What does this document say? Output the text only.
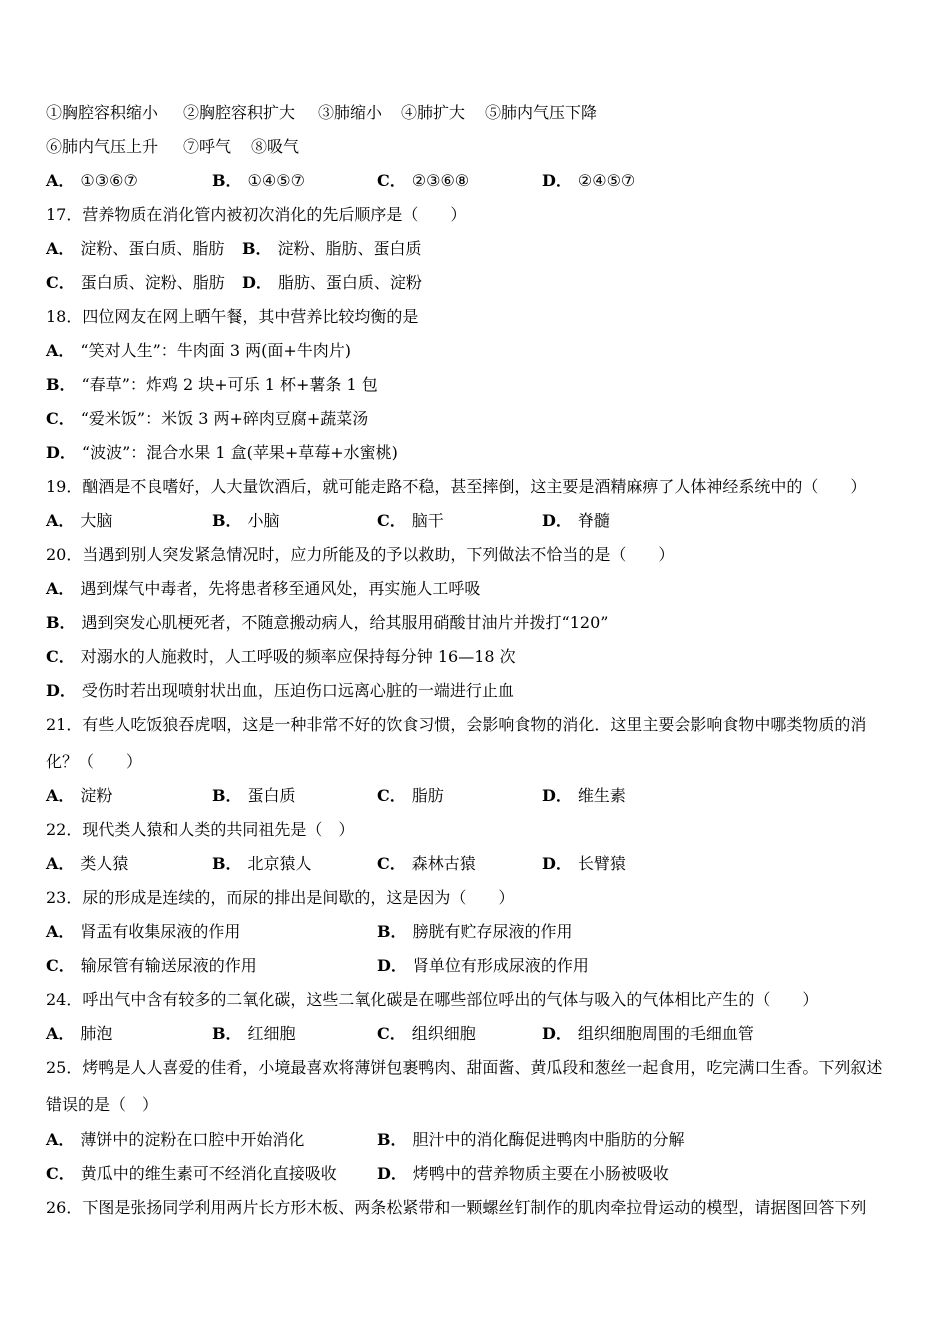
①胸腔容积缩小 ②胸腔容积扩大 ③肺缩小 ④肺扩大 ⑤肺内气压下降
⑥肺内气压上升 ⑦呼气 ⑧吸气
A． ①③⑥⑦	B． ①④⑤⑦	C． ②③⑥⑧	D． ②④⑤⑦
17．营养物质在消化管内被初次消化的先后顺序是（　　）
A． 淀粉、蛋白质、脂肪 B． 淀粉、脂肪、蛋白质
C． 蛋白质、淀粉、脂肪 D． 脂肪、蛋白质、淀粉
18．四位网友在网上晒午餐，其中营养比较均衡的是
A． “笑对人生”：牛肉面 3 两(面+牛肉片)
B． “春草”：炸鸡 2 块+可乐 1 杯+薯条 1 包
C． “爱米饭”：米饭 3 两+碎肉豆腐+蔬菜汤
D． “波波”：混合水果 1 盒(苹果+草莓+水蜜桃)
19．酗酒是不良嗜好，人大量饮酒后，就可能走路不稳，甚至摔倒，这主要是酒精麻痹了人体神经系统中的（　　）
A． 大脑	B． 小脑	C． 脑干	D． 脊髓
20．当遇到别人突发紧急情况时，应力所能及的予以救助，下列做法不恰当的是（　　）
A． 遇到煤气中毒者，先将患者移至通风处，再实施人工呼吸
B． 遇到突发心肌梗死者，不随意搬动病人，给其服用硝酸甘油片并拨打“120”
C． 对溺水的人施救时，人工呼吸的频率应保持每分钟 16—18 次
D． 受伤时若出现喷射状出血，压迫伤口远离心脏的一端进行止血
21．有些人吃饭狼吞虎咽，这是一种非常不好的饮食习惯，会影响食物的消化．这里主要会影响食物中哪类物质的消
化？（　　）
A． 淀粉	B． 蛋白质	C． 脂肪	D． 维生素
22．现代类人猿和人类的共同祖先是（　）
A． 类人猿	B． 北京猿人	C． 森林古猿	D． 长臂猿
23．尿的形成是连续的，而尿的排出是间歇的，这是因为（　　）
A． 肾盂有收集尿液的作用	B． 膀胱有贮存尿液的作用
C． 输尿管有输送尿液的作用	D． 肾单位有形成尿液的作用
24．呼出气中含有较多的二氧化碳，这些二氧化碳是在哪些部位呼出的气体与吸入的气体相比产生的（　　）
A． 肺泡	B． 红细胞	C． 组织细胞	D． 组织细胞周围的毛细血管
25．烤鸭是人人喜爱的佳肴，小境最喜欢将薄饼包裹鸭肉、甜面酱、黄瓜段和葱丝一起食用，吃完满口生香。下列叙述
错误的是（　）
A． 薄饼中的淀粉在口腔中开始消化	B． 胆汁中的消化酶促进鸭肉中脂肪的分解
C． 黄瓜中的维生素可不经消化直接吸收	D． 烤鸭中的营养物质主要在小肠被吸收
26．下图是张扬同学利用两片长方形木板、两条松紧带和一颗螺丝钉制作的肌肉牵拉骨运动的模型，请据图回答下列
